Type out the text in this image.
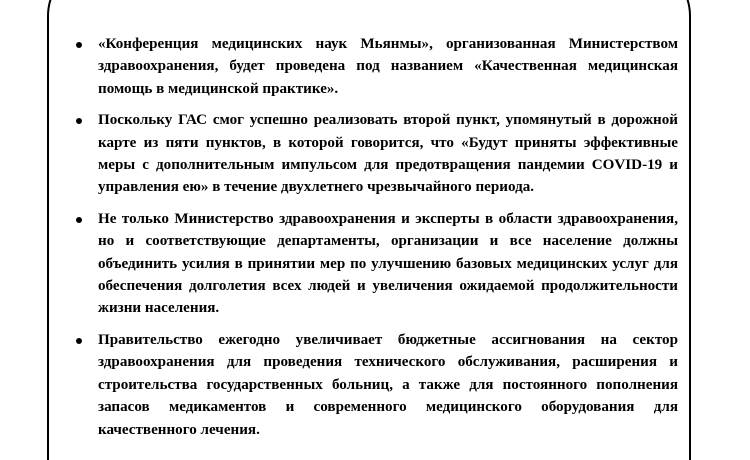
«Конференция медицинских наук Мьянмы», организованная Министерством здравоохранения, будет проведена под названием «Качественная медицинская помощь в медицинской практике».
Поскольку ГАС смог успешно реализовать второй пункт, упомянутый в дорожной карте из пяти пунктов, в которой говорится, что «Будут приняты эффективные меры с дополнительным импульсом для предотвращения пандемии COVID-19 и управления ею» в течение двухлетнего чрезвычайного периода.
Не только Министерство здравоохранения и эксперты в области здравоохранения, но и соответствующие департаменты, организации и все население должны объединить усилия в принятии мер по улучшению базовых медицинских услуг для обеспечения долголетия всех людей и увеличения ожидаемой продолжительности жизни населения.
Правительство ежегодно увеличивает бюджетные ассигнования на сектор здравоохранения для проведения технического обслуживания, расширения и строительства государственных больниц, а также для постоянного пополнения запасов медикаментов и современного медицинского оборудования для качественного лечения.
